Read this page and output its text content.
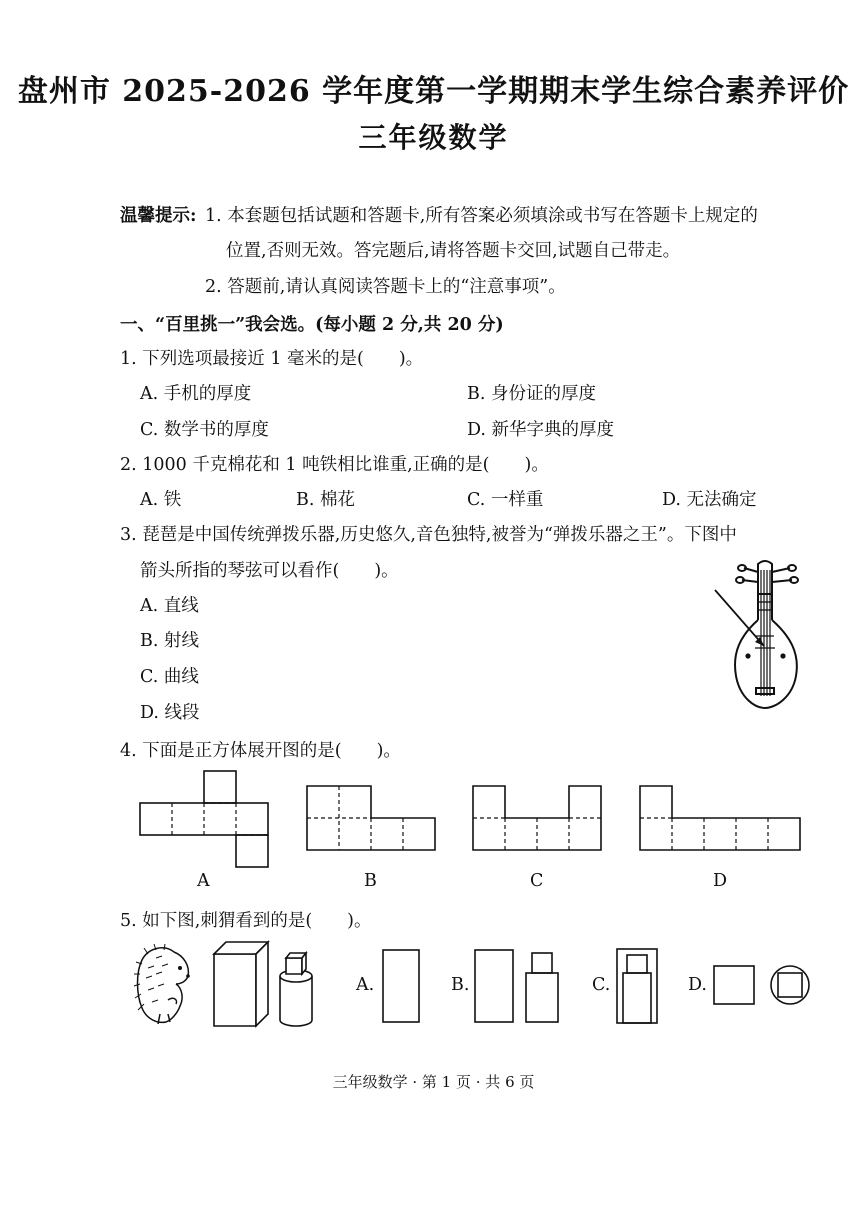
盘州市 2025-2026 学年度第一学期期末学生综合素养评价
三年级数学
温馨提示: 1. 本套题包括试题和答题卡,所有答案必须填涂或书写在答题卡上规定的
位置,否则无效。答完题后,请将答题卡交回,试题自己带走。
2. 答题前,请认真阅读答题卡上的“注意事项”。
一、“百里挑一”我会选。(每小题 2 分,共 20 分)
1. 下列选项最接近 1 毫米的是(　　)。
A. 手机的厚度	B. 身份证的厚度
C. 数学书的厚度	D. 新华字典的厚度
2. 1000 千克棉花和 1 吨铁相比谁重,正确的是(　　)。
A. 铁	B. 棉花	C. 一样重	D. 无法确定
3. 琵琶是中国传统弹拨乐器,历史悠久,音色独特,被誉为“弹拨乐器之王”。下图中
箭头所指的琴弦可以看作(　　)。
A. 直线
B. 射线
C. 曲线
D. 线段
4. 下面是正方体展开图的是(　　)。
A	B	C	D
5. 如下图,刺猬看到的是(　　)。
A.	B.	C.	D.
三年级数学 · 第 1 页 · 共 6 页
